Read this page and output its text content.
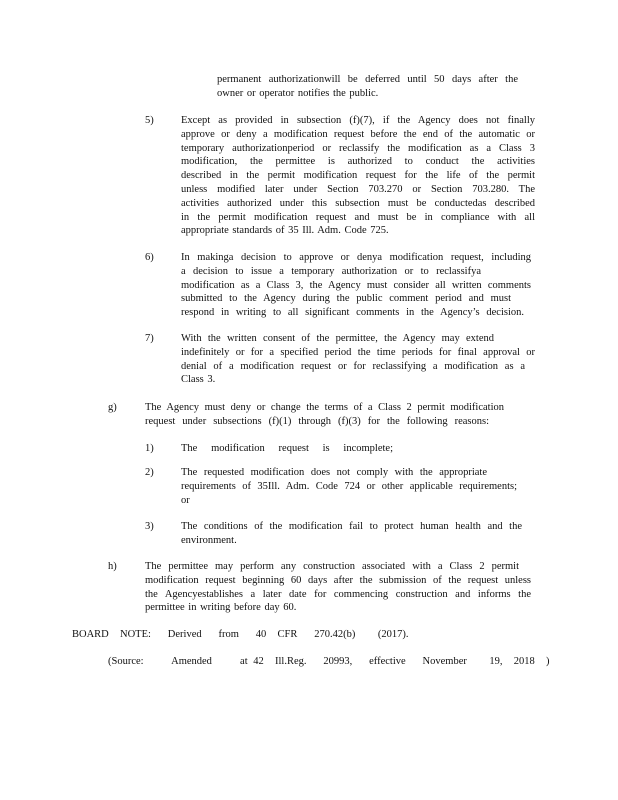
permanent authorizationwill be deferred until 50 days after the
owner or operator notifies the public.
5)	Except as provided in subsection (f)(7), if the Agency does not finally
approve or deny a modification request before the end of the automatic or
temporary authorizationperiod or reclassify the modification as a Class 3
modification, the permittee is authorized to conduct the activities
described in the permit modification request for the life of the permit
unless modified later under Section 703.270 or Section 703.280. The
activities authorized under this subsection must be conductedas described
in the permit modification request and must be in compliance with all
appropriate standards of 35 Ill. Adm. Code 725.
6)	In makinga decision to approve or denya modification request, including
a decision to issue a temporary authorization or to reclassifya
modification as a Class 3, the Agency must consider all written comments
submitted to the Agency during the public comment period and must
respond in writing to all significant comments in the Agency’s decision.
7)	With the written consent of the permittee, the Agency may extend
indefinitely or for a specified period the time periods for final approval or
denial of a modification request or for reclassifying a modification as a
Class 3.
g)	The Agency must deny or change the terms of a Class 2 permit modification
request under subsections (f)(1) through (f)(3) for the following reasons:
1)	The modification request is incomplete;
2)	The requested modification does not comply with the appropriate
requirements of 35Ill. Adm. Code 724 or other applicable requirements;
or
3)	The conditions of the modification fail to protect human health and the
environment.
h)	The permittee may perform any construction associated with a Class 2 permit
modification request beginning 60 days after the submission of the request unless
the Agencyestablishes a later date for commencing construction and informs the
permittee in writing before day 60.
BOARD  NOTE:   Derived   from   40  CFR   270.42(b)    (2017).
(Source:     Amended     at 42  Ill.Reg.   20993,   effective   November    19,  2018  )
